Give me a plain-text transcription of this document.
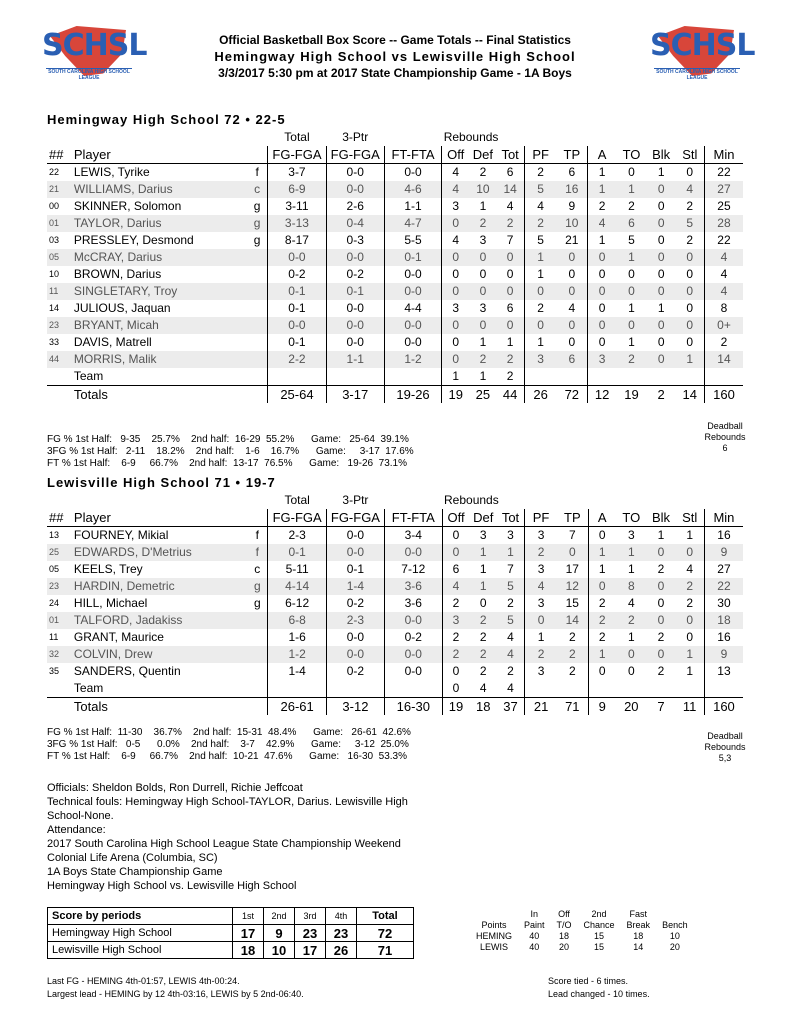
SCHSL
SOUTH CAROLINA HIGH SCHOOL LEAGUE
SCHSL
SOUTH CAROLINA HIGH SCHOOL LEAGUE
Official Basketball Box Score -- Game Totals -- Final Statistics
Hemingway High School vs Lewisville High School
3/3/2017 5:30 pm at 2017 State Championship Game - 1A Boys
Hemingway High School 72 • 22-5
			Total	3-Ptr		Rebounds									
##	Player		FG-FGA	FG-FGA	FT-FTA	Off	Def	Tot	PF	TP	A	TO	Blk	Stl	Min
22	LEWIS, Tyrike	f	3-7	0-0	0-0	4	2	6	2	6	1	0	1	0	22
21	WILLIAMS, Darius	c	6-9	0-0	4-6	4	10	14	5	16	1	1	0	4	27
00	SKINNER, Solomon	g	3-11	2-6	1-1	3	1	4	4	9	2	2	0	2	25
01	TAYLOR, Darius	g	3-13	0-4	4-7	0	2	2	2	10	4	6	0	5	28
03	PRESSLEY, Desmond	g	8-17	0-3	5-5	4	3	7	5	21	1	5	0	2	22
05	McCRAY, Darius		0-0	0-0	0-1	0	0	0	1	0	0	1	0	0	4
10	BROWN, Darius		0-2	0-2	0-0	0	0	0	1	0	0	0	0	0	4
11	SINGLETARY, Troy		0-1	0-1	0-0	0	0	0	0	0	0	0	0	0	4
14	JULIOUS, Jaquan		0-1	0-0	4-4	3	3	6	2	4	0	1	1	0	8
23	BRYANT, Micah		0-0	0-0	0-0	0	0	0	0	0	0	0	0	0	0+
33	DAVIS, Matrell		0-1	0-0	0-0	0	1	1	1	0	0	1	0	0	2
44	MORRIS, Malik		2-2	1-1	1-2	0	2	2	3	6	3	2	0	1	14
	Team					1	1	2							
	Totals		25-64	3-17	19-26	19	25	44	26	72	12	19	2	14	160
FG % 1st Half:   9-35    25.7%    2nd half:  16-29  55.2%      Game:   25-64  39.1%
3FG % 1st Half:   2-11    18.2%    2nd half:    1-6    16.7%      Game:     3-17  17.6%
FT % 1st Half:    6-9     66.7%    2nd half:  13-17  76.5%      Game:   19-26  73.1%
Deadball
Rebounds
6
Lewisville High School 71 • 19-7
			Total	3-Ptr		Rebounds									
##	Player		FG-FGA	FG-FGA	FT-FTA	Off	Def	Tot	PF	TP	A	TO	Blk	Stl	Min
13	FOURNEY, Mikial	f	2-3	0-0	3-4	0	3	3	3	7	0	3	1	1	16
25	EDWARDS, D'Metrius	f	0-1	0-0	0-0	0	1	1	2	0	1	1	0	0	9
05	KEELS, Trey	c	5-11	0-1	7-12	6	1	7	3	17	1	1	2	4	27
23	HARDIN, Demetric	g	4-14	1-4	3-6	4	1	5	4	12	0	8	0	2	22
24	HILL, Michael	g	6-12	0-2	3-6	2	0	2	3	15	2	4	0	2	30
01	TALFORD, Jadakiss		6-8	2-3	0-0	3	2	5	0	14	2	2	0	0	18
11	GRANT, Maurice		1-6	0-0	0-2	2	2	4	1	2	2	1	2	0	16
32	COLVIN, Drew		1-2	0-0	0-0	2	2	4	2	2	1	0	0	1	9
35	SANDERS, Quentin		1-4	0-2	0-0	0	2	2	3	2	0	0	2	1	13
	Team					0	4	4							
	Totals		26-61	3-12	16-30	19	18	37	21	71	9	20	7	11	160
FG % 1st Half:  11-30    36.7%    2nd half:  15-31  48.4%      Game:   26-61  42.6%
3FG % 1st Half:   0-5      0.0%    2nd half:    3-7    42.9%      Game:     3-12  25.0%
FT % 1st Half:    6-9     66.7%    2nd half:  10-21  47.6%      Game:   16-30  53.3%
Deadball
Rebounds
5,3
Officials: Sheldon Bolds, Ron Durrell, Richie Jeffcoat
Technical fouls: Hemingway High School-TAYLOR, Darius. Lewisville High
School-None.
Attendance:
2017 South Carolina High School League State Championship Weekend
Colonial Life Arena (Columbia, SC)
1A Boys State Championship Game
Hemingway High School vs. Lewisville High School
Score by periods	1st	2nd	3rd	4th	Total
Hemingway High School	17	9	23	23	72
Lewisville High School	18	10	17	26	71
	In	Off	2nd	Fast	
Points	Paint	T/O	Chance	Break	Bench
HEMING	40	18	15	18	10
LEWIS	40	20	15	14	20
Last FG - HEMING 4th-01:57, LEWIS 4th-00:24.
Largest lead - HEMING by 12 4th-03:16, LEWIS by 5 2nd-06:40.
Score tied - 6 times.
Lead changed - 10 times.
